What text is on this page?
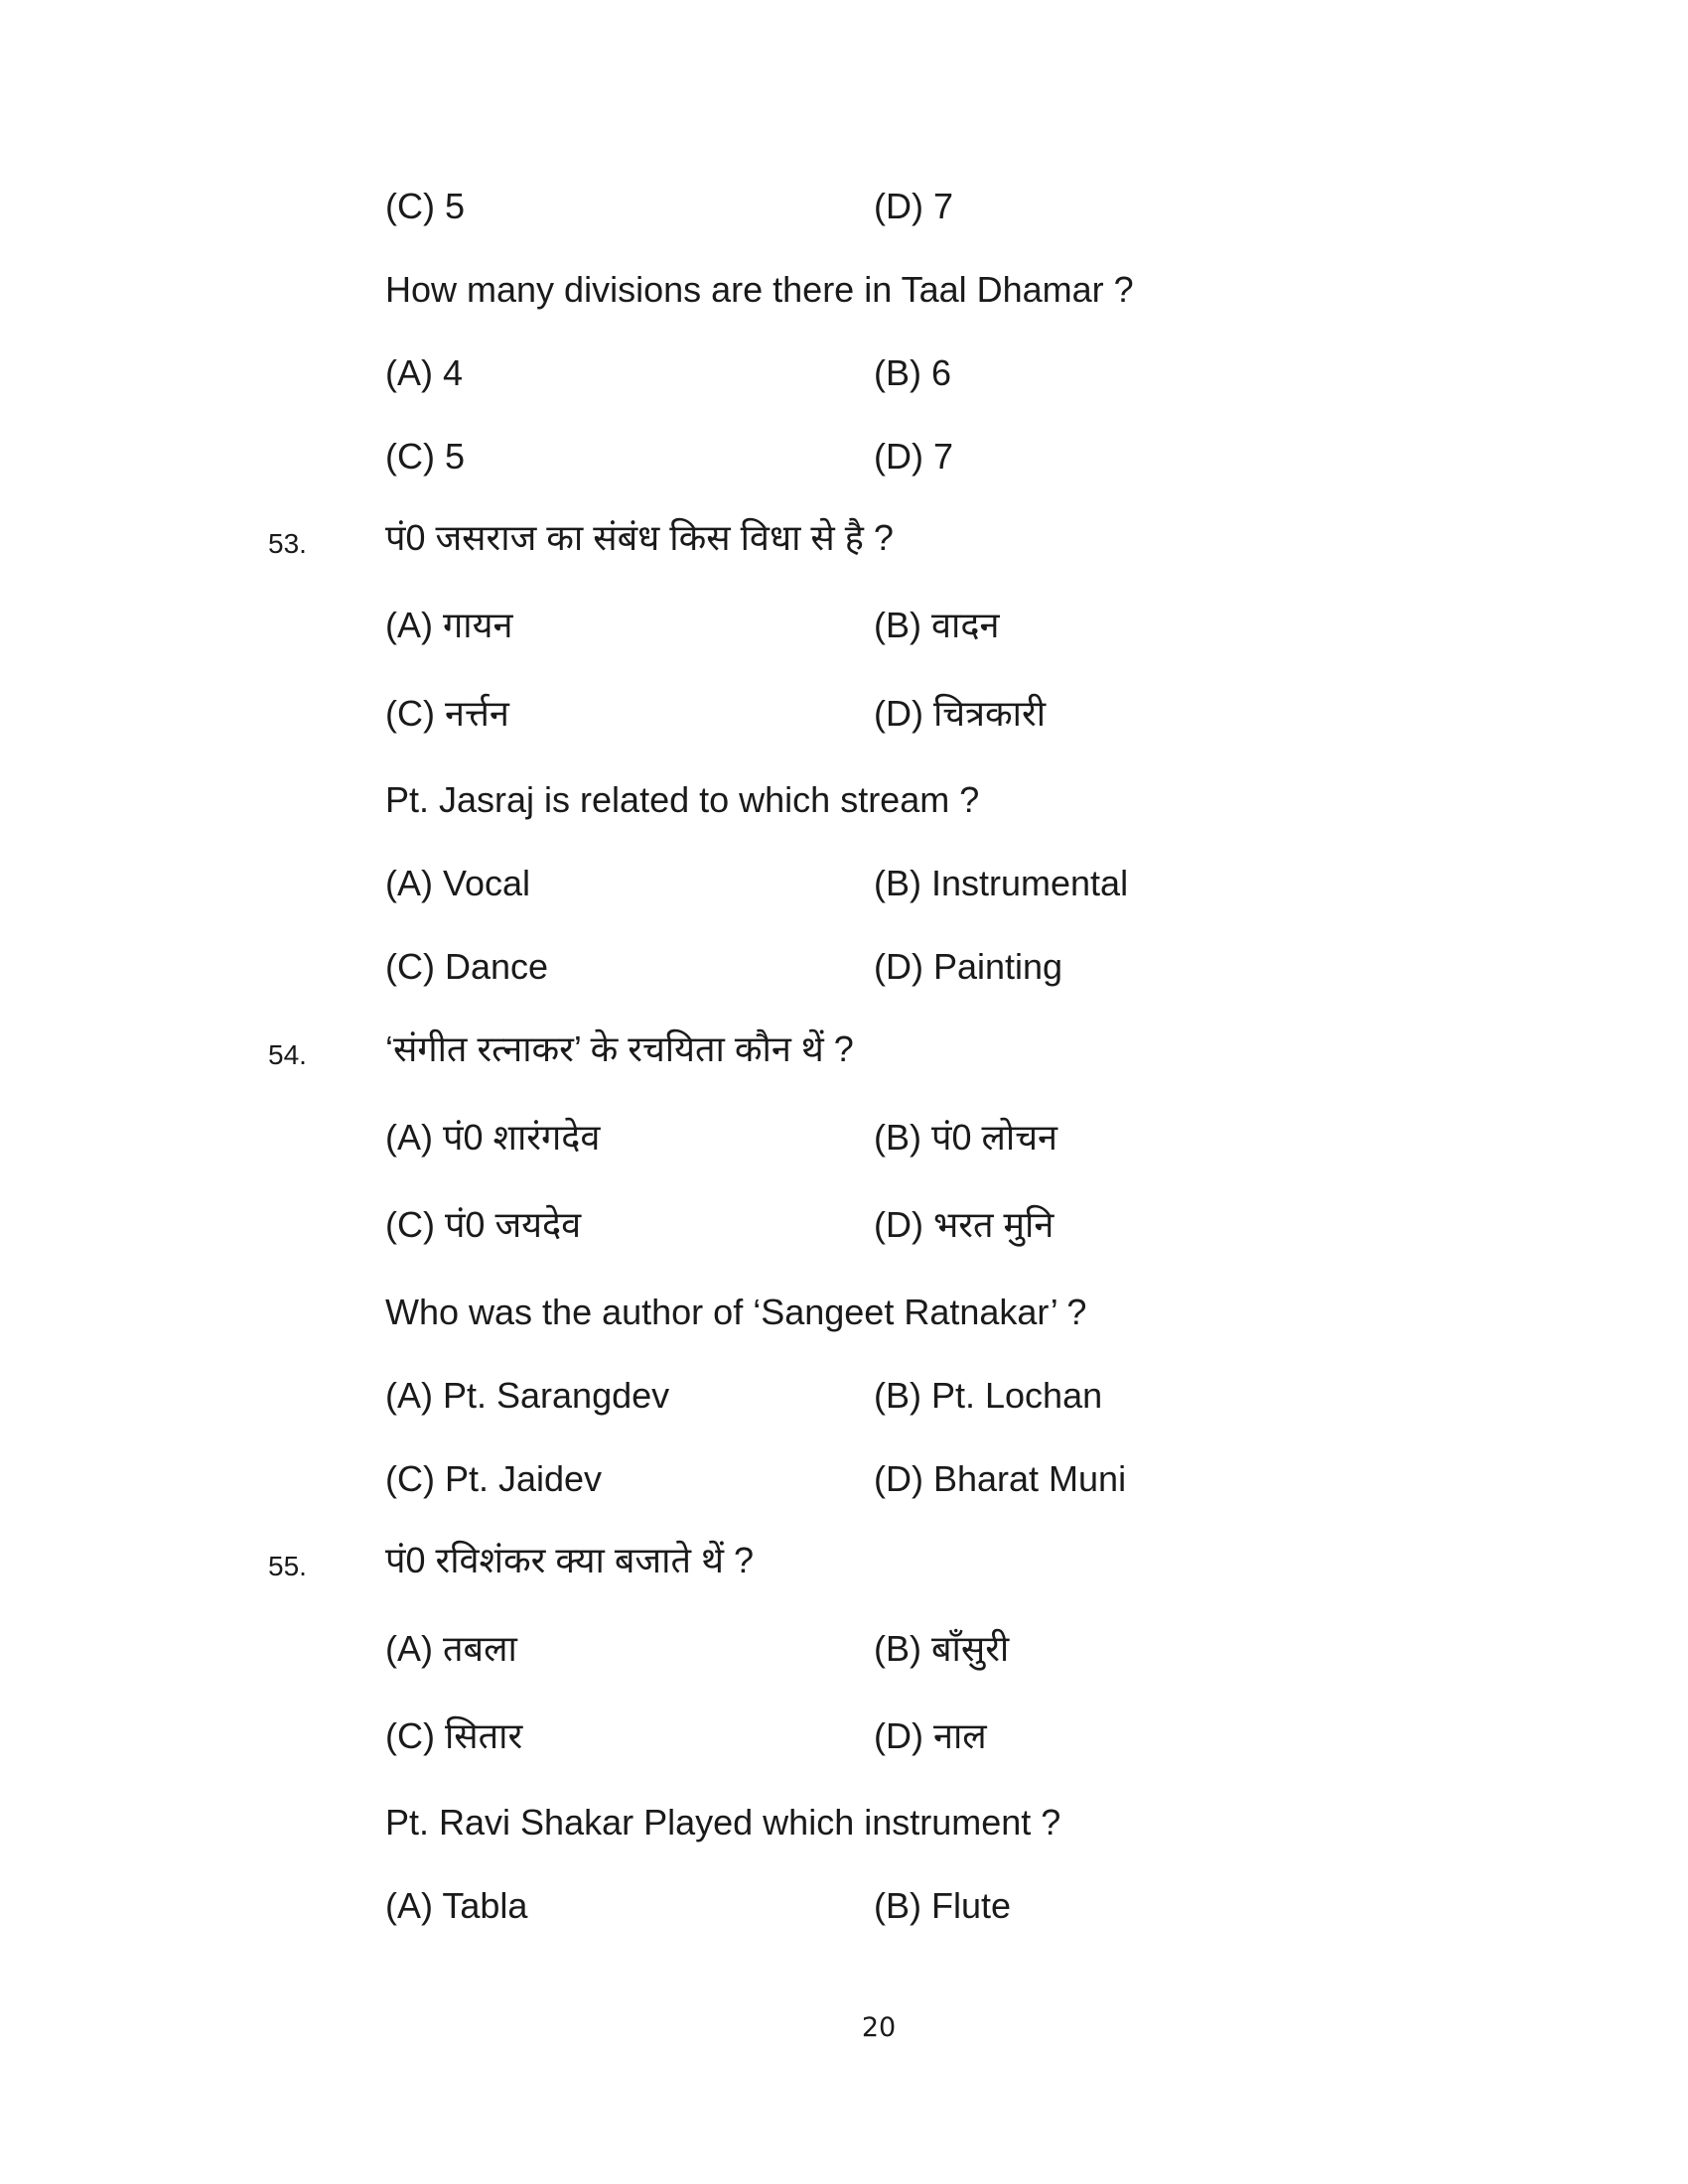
(C) 5	(D) 7
How many divisions are there in Taal Dhamar ?
(A) 4	(B) 6
(C) 5	(D) 7
53. पं0 जसराज का संबंध किस विधा से है ?
(A) गायन	(B) वादन
(C) नर्त्तन	(D) चित्रकारी
Pt. Jasraj is related to which stream ?
(A) Vocal	(B) Instrumental
(C) Dance	(D) Painting
54. ‘संगीत रत्नाकर’ के रचयिता कौन थें ?
(A) पं0 शारंगदेव	(B) पं0 लोचन
(C) पं0 जयदेव	(D) भरत मुनि
Who was the author of ‘Sangeet Ratnakar’ ?
(A) Pt. Sarangdev	(B) Pt. Lochan
(C) Pt. Jaidev	(D) Bharat Muni
55. पं0 रविशंकर क्या बजाते थें ?
(A) तबला	(B) बाँसुरी
(C) सितार	(D) नाल
Pt. Ravi Shakar Played which instrument ?
(A) Tabla	(B) Flute
20
